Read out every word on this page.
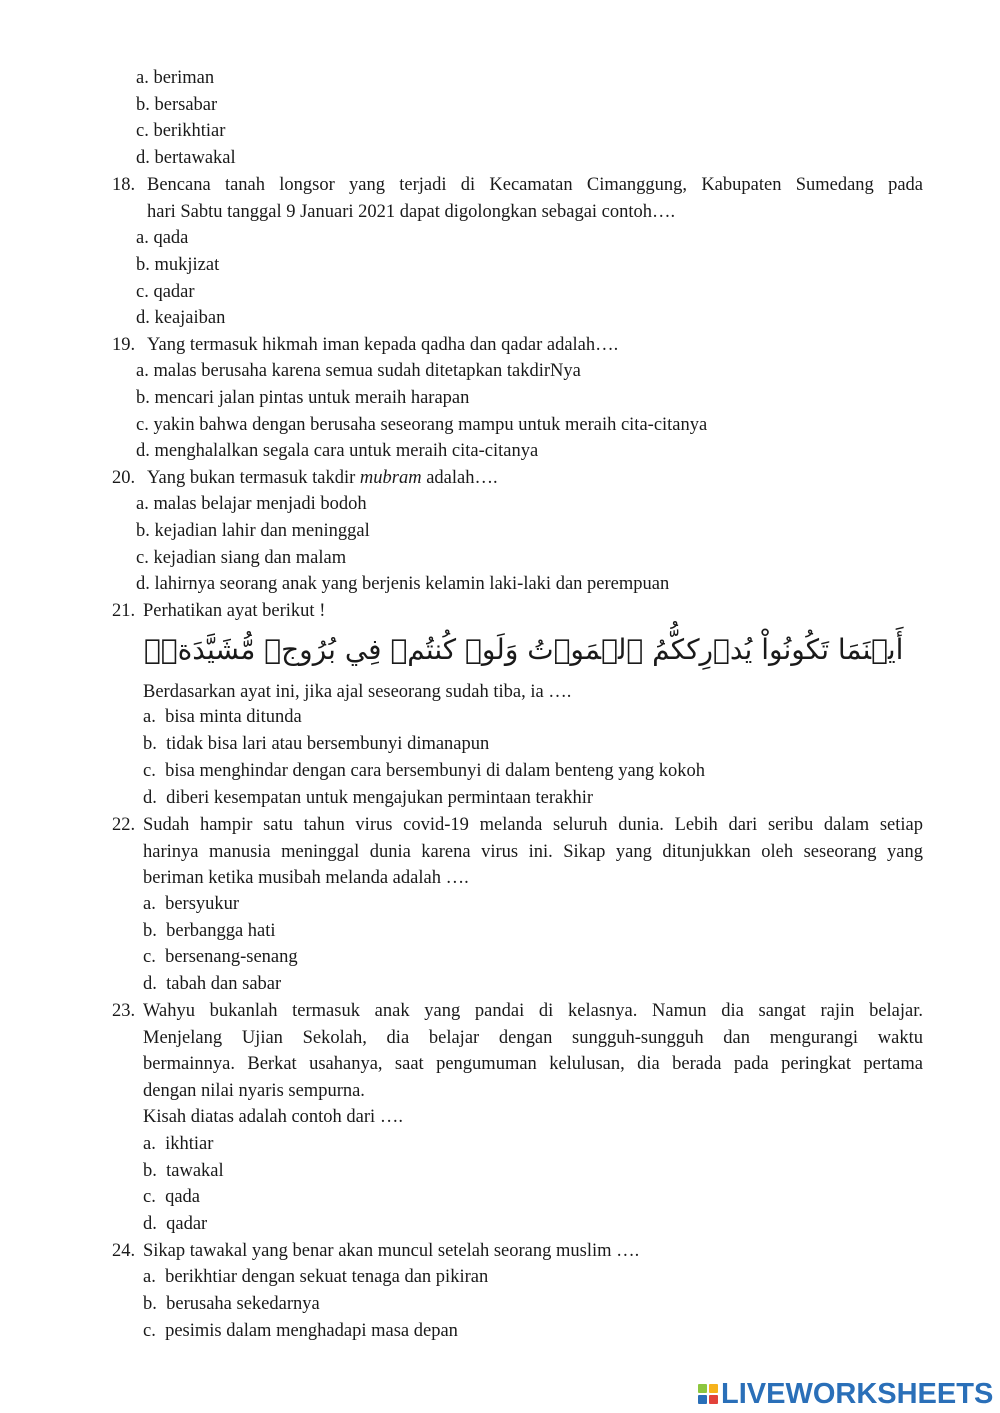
a. beriman
b. bersabar
c. berikhtiar
d. bertawakal
18. Bencana tanah longsor yang terjadi di Kecamatan Cimanggung, Kabupaten Sumedang pada
hari Sabtu tanggal 9 Januari 2021 dapat digolongkan sebagai contoh….
a. qada
b. mukjizat
c. qadar
d. keajaiban
19. Yang termasuk hikmah iman kepada qadha dan qadar adalah….
a. malas berusaha karena semua sudah ditetapkan takdirNya
b. mencari jalan pintas untuk meraih harapan
c. yakin bahwa dengan berusaha seseorang mampu untuk meraih cita-citanya
d. menghalalkan segala cara untuk meraih cita-citanya
20. Yang bukan termasuk takdir mubram adalah….
a. malas belajar menjadi bodoh
b. kejadian lahir dan meninggal
c. kejadian siang dan malam
d. lahirnya seorang anak yang berjenis kelamin laki-laki dan perempuan
21. Perhatikan ayat berikut !
أَيۡنَمَا تَكُونُواْ يُدۡرِككُّمُ ٱلۡمَوۡتُ وَلَوۡ كُنتُمۡ فِي بُرُوجٖ مُّشَيَّدَةٖۗ
Berdasarkan ayat ini, jika ajal seseorang sudah tiba, ia ….
a. bisa minta ditunda
b. tidak bisa lari atau bersembunyi dimanapun
c. bisa menghindar dengan cara bersembunyi di dalam benteng yang kokoh
d. diberi kesempatan untuk mengajukan permintaan terakhir
22. Sudah hampir satu tahun virus covid-19 melanda seluruh dunia. Lebih dari seribu dalam setiap
harinya manusia meninggal dunia karena virus ini. Sikap yang ditunjukkan oleh seseorang yang
beriman ketika musibah melanda adalah ….
a. bersyukur
b. berbangga hati
c. bersenang-senang
d. tabah dan sabar
23. Wahyu bukanlah termasuk anak yang pandai di kelasnya. Namun dia sangat rajin belajar.
Menjelang Ujian Sekolah, dia belajar dengan sungguh-sungguh dan mengurangi waktu
bermainnya. Berkat usahanya, saat pengumuman kelulusan, dia berada pada peringkat pertama
dengan nilai nyaris sempurna.
Kisah diatas adalah contoh dari ….
a. ikhtiar
b. tawakal
c. qada
d. qadar
24. Sikap tawakal yang benar akan muncul setelah seorang muslim ….
a. berikhtiar dengan sekuat tenaga dan pikiran
b. berusaha sekedarnya
c. pesimis dalam menghadapi masa depan
LIVEWORKSHEETS
